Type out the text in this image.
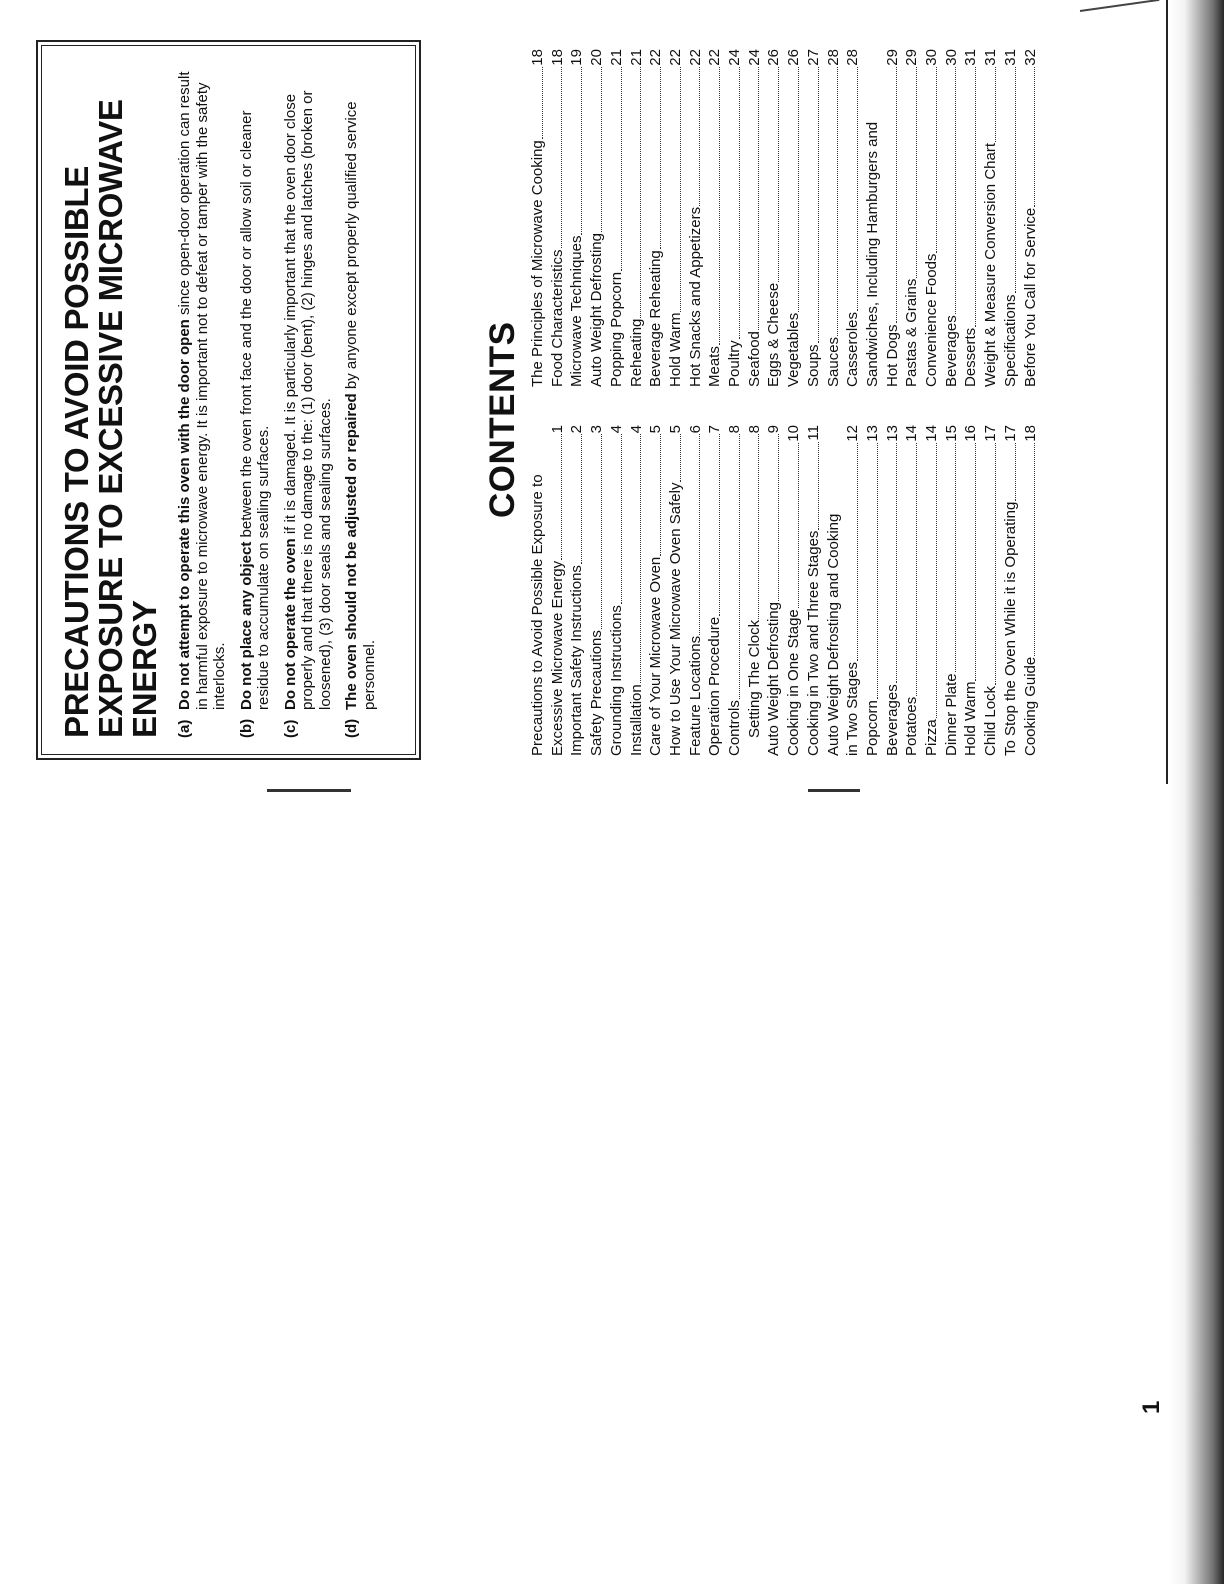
PRECAUTIONS TO AVOID POSSIBLE EXPOSURE TO EXCESSIVE MICROWAVE ENERGY (a)
Do not attempt to operate this oven with the door open since open-door operation can result in harmful exposure to microwave energy. It is important not to defeat or tamper with the safety interlocks.
(b)
Do not place any object between the oven front face and the door or allow soil or cleaner residue to accumulate on sealing surfaces.
(c)
Do not operate the oven if it is damaged. It is particularly important that the oven door close properly and that there is no damage to the: (1) door (bent), (2) hinges and latches (broken or loosened), (3) door seals and sealing surfaces.
(d)
The oven should not be adjusted or repaired by anyone except properly qualified service personnel.
CONTENTS
Precautions to Avoid Possible Exposure to Excessive Microwave Energy
1
Important Safety Instructions
2
Safety Precautions
3
Grounding Instructions
4
Installation
4
Care of Your Microwave Oven
5
How to Use Your Microwave Oven Safely
5
Feature Locations
6
Operation Procedure
7
Controls
8
Setting The Clock
8
Auto Weight Defrosting
9
Cooking in One Stage
10
Cooking in Two and Three Stages
11
Auto Weight Defrosting and Cooking in Two Stages
12
Popcorn
13
Beverages
13
Potatoes
14
Pizza
14
Dinner Plate
15
Hold Warm
16
Child Lock
17
To Stop the Oven While it is Operating
17
Cooking Guide
18
The Principles of Microwave Cooking
18
Food Characteristics
18
Microwave Techniques
19
Auto Weight Defrosting
20
Popping Popcorn
21
Reheating
21
Beverage Reheating
22
Hold Warm
22
Hot Snacks and Appetizers
22
Meats
22
Poultry
24
Seafood
24
Eggs & Cheese
26
Vegetables
26
Soups
27
Sauces
28
Casseroles
28
Sandwiches, Including Hamburgers and Hot Dogs
29
Pastas & Grains
29
Convenience Foods
30
Beverages
30
Desserts
31
Weight & Measure Conversion Chart
31
Specifications
31
Before You Call for Service
32
1
